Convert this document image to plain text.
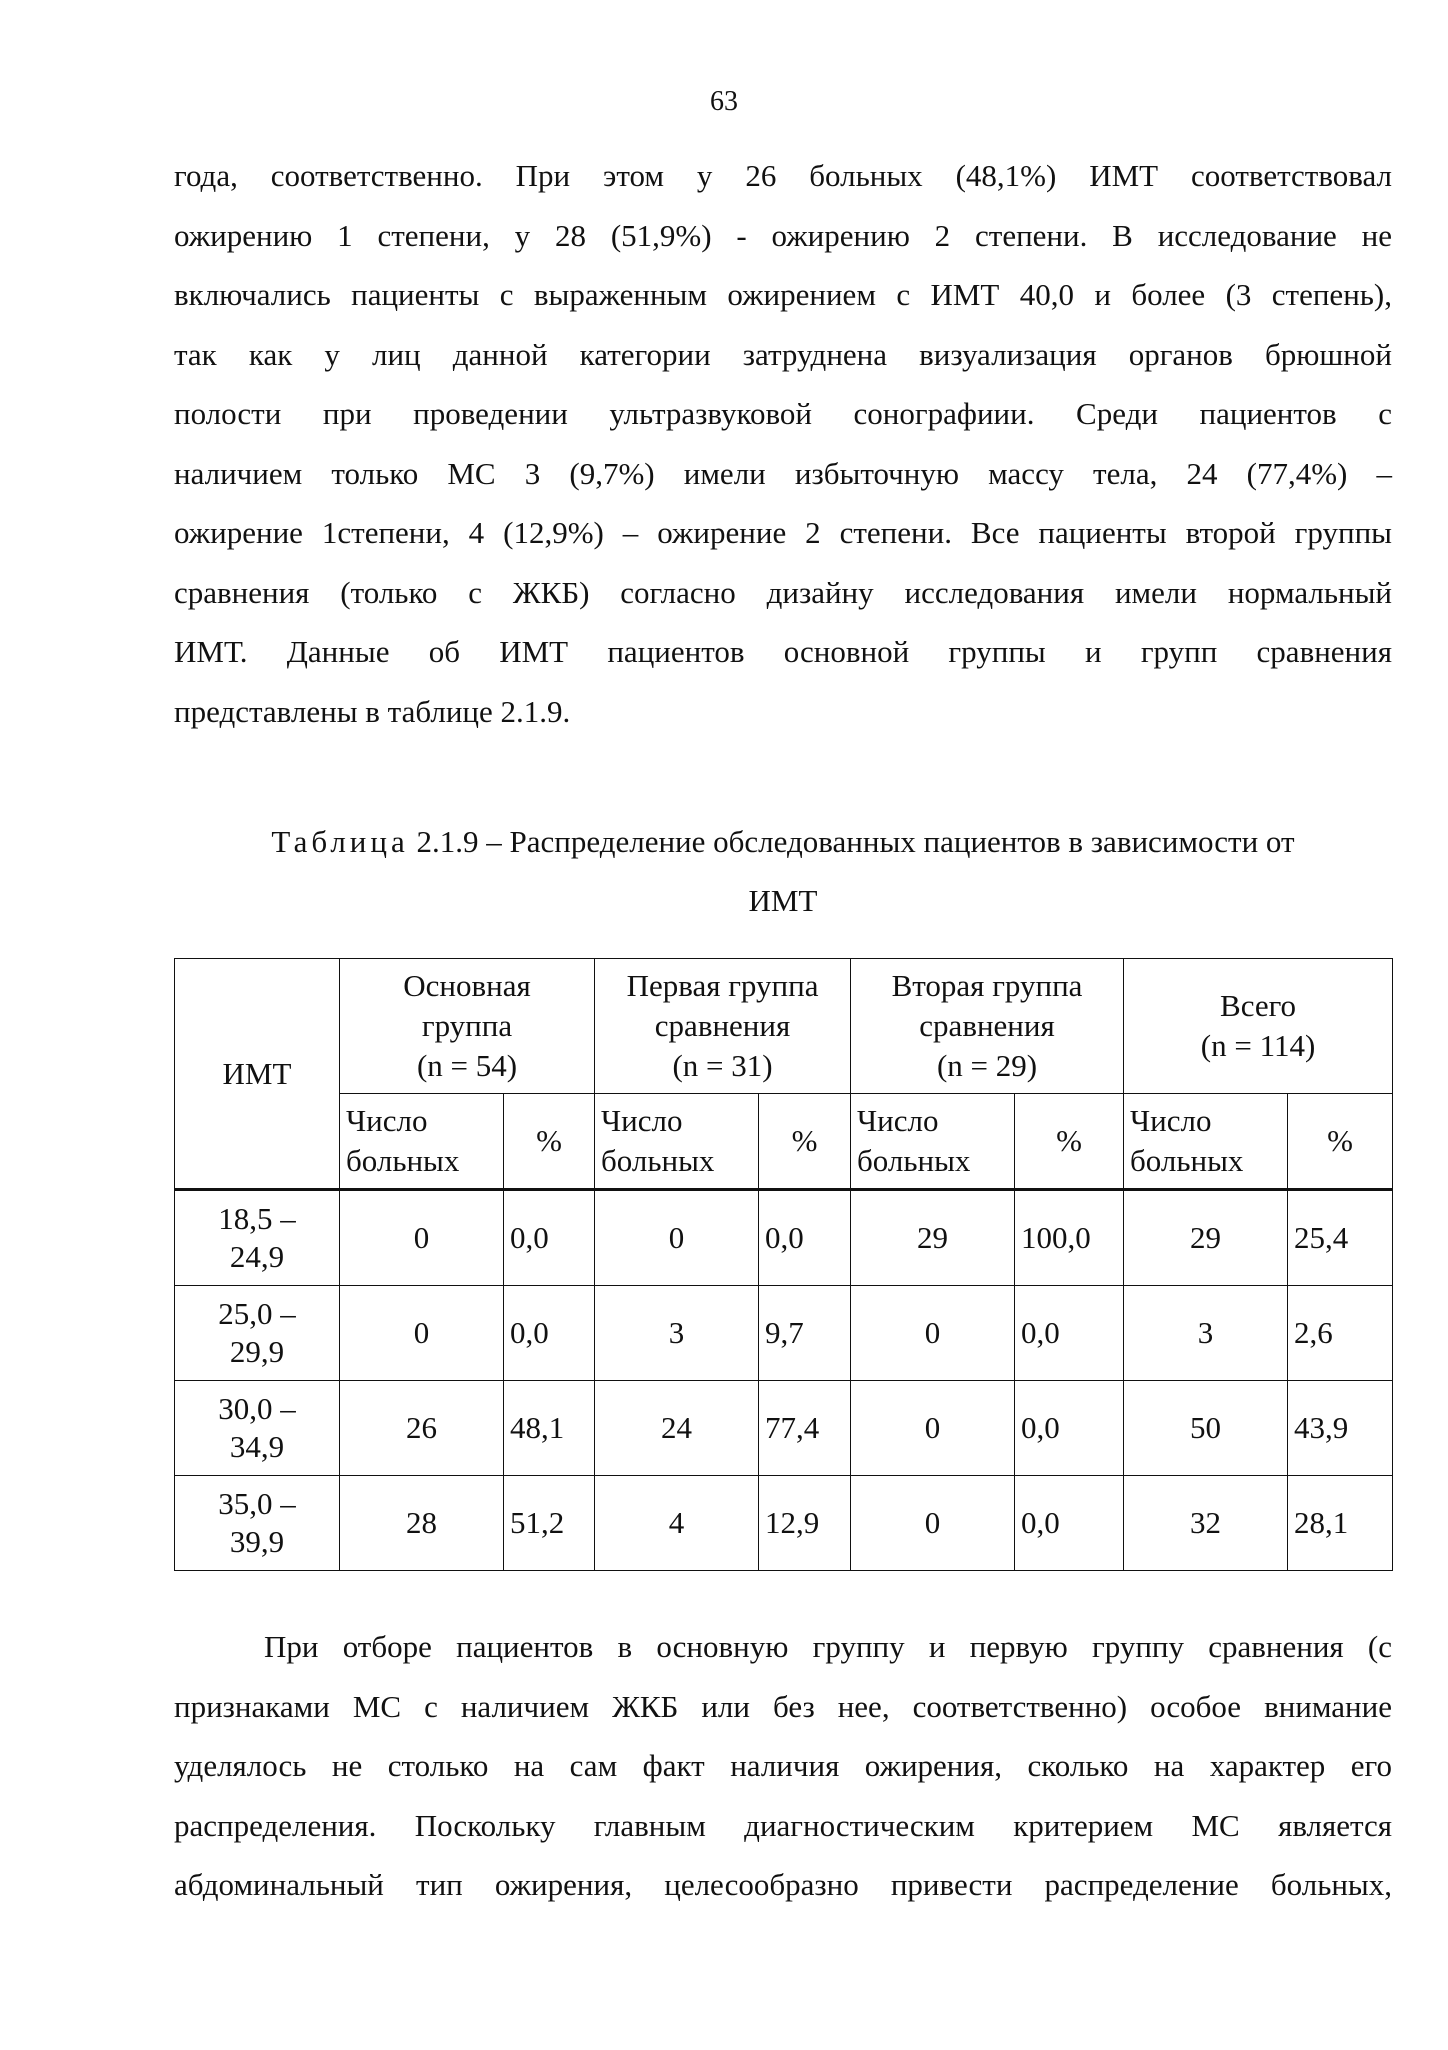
63
года, соответственно. При этом у 26 больных (48,1%) ИМТ соответствовал
ожирению 1 степени, у 28 (51,9%) - ожирению 2 степени. В исследование не
включались пациенты с выраженным ожирением с ИМТ 40,0 и более (3 степень),
так как у лиц данной категории затруднена визуализация органов брюшной
полости при проведении ультразвуковой сонографиии. Среди пациентов с
наличием только МС 3 (9,7%) имели избыточную массу тела, 24 (77,4%) –
ожирение 1степени, 4 (12,9%) – ожирение 2 степени. Все пациенты второй группы
сравнения (только с ЖКБ) согласно дизайну исследования имели нормальный
ИМТ. Данные об ИМТ пациентов основной группы и групп сравнения
представлены в таблице 2.1.9.
Таблица 2.1.9 – Распределение обследованных пациентов в зависимости от
ИМТ
ИМТ	Основная
группа
(n = 54)		Первая группа
сравнения
(n = 31)		Вторая группа
сравнения
(n = 29)		Всего
(n = 114)	
	Число
больных	%	Число
больных	%	Число
больных	%	Число
больных	%
18,5 –
24,9	0	0,0	0	0,0	29	100,0	29	25,4
25,0 –
29,9	0	0,0	3	9,7	0	0,0	3	2,6
30,0 –
34,9	26	48,1	24	77,4	0	0,0	50	43,9
35,0 –
39,9	28	51,2	4	12,9	0	0,0	32	28,1
При отборе пациентов в основную группу и первую группу сравнения (с
признаками МС с наличием ЖКБ или без нее, соответственно) особое внимание
уделялось не столько на сам факт наличия ожирения, сколько на характер его
распределения. Поскольку главным диагностическим критерием МС является
абдоминальный тип ожирения, целесообразно привести распределение больных,
